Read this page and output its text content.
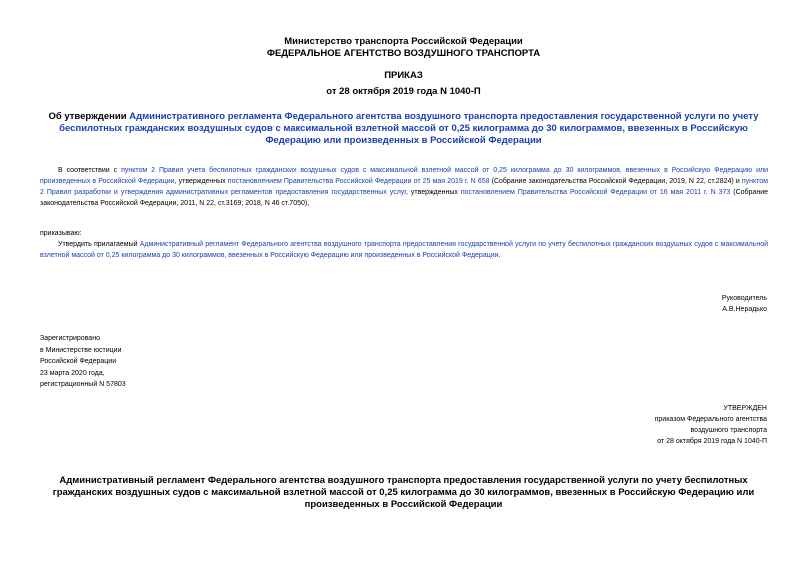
Министерство транспорта Российской Федерации
ФЕДЕРАЛЬНОЕ АГЕНТСТВО ВОЗДУШНОГО ТРАНСПОРТА
ПРИКАЗ
от 28 октября 2019 года N 1040-П
Об утверждении Административного регламента Федерального агентства воздушного транспорта предоставления государственной услуги по учету беспилотных гражданских воздушных судов с максимальной взлетной массой от 0,25 килограмма до 30 килограммов, ввезенных в Российскую Федерацию или произведенных в Российской Федерации
В соответствии с пунктом 2 Правил учета беспилотных гражданских воздушных судов с максимальной взлетной массой от 0,25 килограмма до 30 килограммов, ввезенных в Российскую Федерацию или произведенных в Российской Федерации, утвержденных постановлением Правительства Российской Федерации от 25 мая 2019 г. N 658 (Собрание законодательства Российской Федерации, 2019, N 22, ст.2824) и пунктом 2 Правил разработки и утверждения административных регламентов предоставления государственных услуг, утвержденных постановлением Правительства Российской Федерации от 16 мая 2011 г. N 373 (Собрание законодательства Российской Федерации, 2011, N 22, ст.3169; 2018, N 46 ст.7050),
приказываю:
Утвердить прилагаемый Административный регламент Федерального агентства воздушного транспорта предоставления государственной услуги по учету беспилотных гражданских воздушных судов с максимальной взлетной массой от 0,25 килограмма до 30 килограммов, ввезенных в Российскую Федерацию или произведенных в Российской Федерации.
Руководитель
А.В.Нерадько
Зарегистрировано
в Министерстве юстиции
Российской Федерации
23 марта 2020 года,
регистрационный N 57803
УТВЕРЖДЕН
приказом Федерального агентства
воздушного транспорта
от 28 октября 2019 года N 1040-П
Административный регламент Федерального агентства воздушного транспорта предоставления государственной услуги по учету беспилотных гражданских воздушных судов с максимальной взлетной массой от 0,25 килограмма до 30 килограммов, ввезенных в Российскую Федерацию или произведенных в Российской Федерации
